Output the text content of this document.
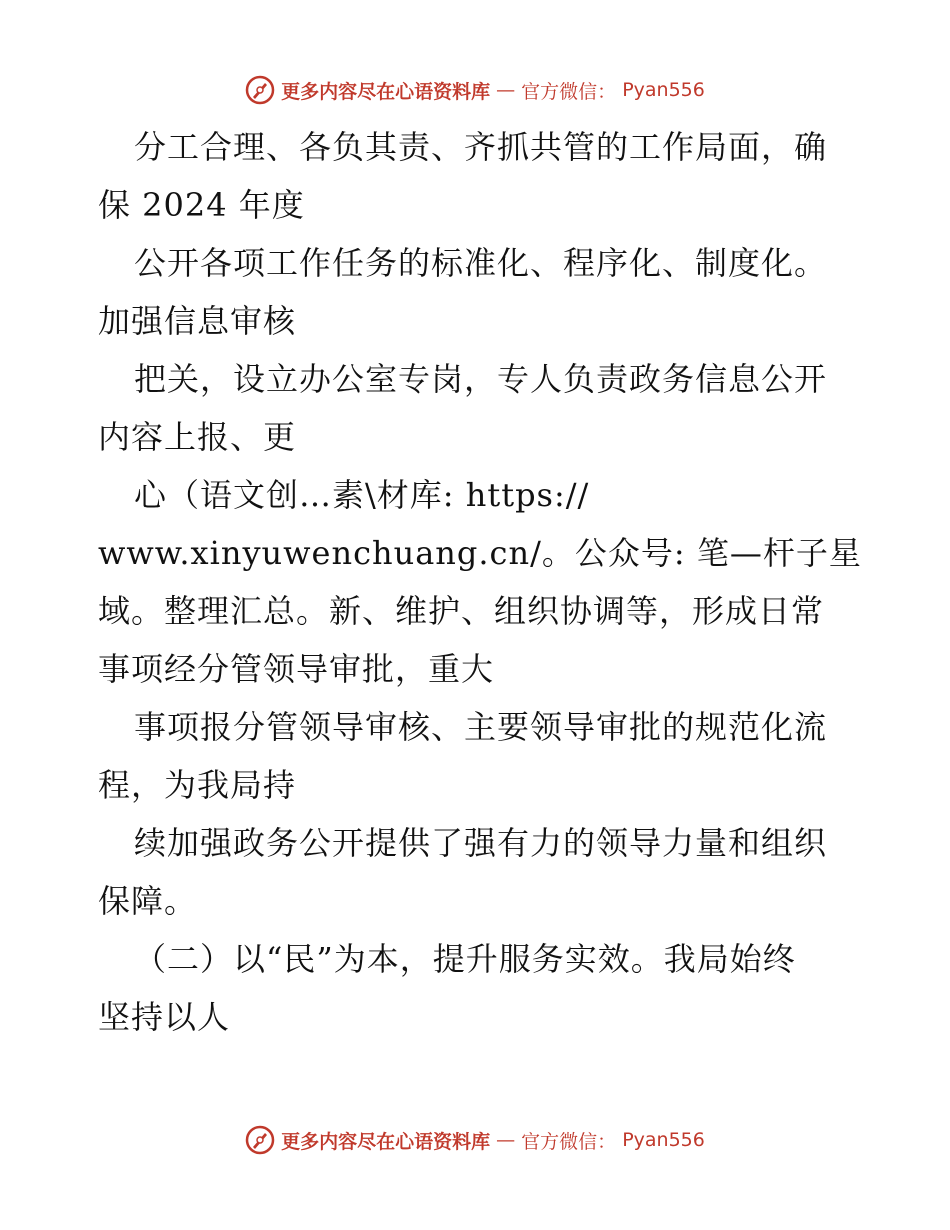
更多内容尽在心语资料库 — 官方微信： Pyan556

分工合理、各负其责、齐抓共管的工作局面，确

保 2024 年度

公开各项工作任务的标准化、程序化、制度化。

加强信息审核

把关，设立办公室专岗，专人负责政务信息公开

内容上报、更

心（语文创…素\材库: https://

www.xinyuwenchuang.cn/。公众号: 笔—杆子星

域。整理汇总。新、维护、组织协调等，形成日常

事项经分管领导审批，重大

事项报分管领导审核、主要领导审批的规范化流

程，为我局持

续加强政务公开提供了强有力的领导力量和组织

保障。

（二）以“民”为本，提升服务实效。我局始终

坚持以人

更多内容尽在心语资料库 — 官方微信： Pyan556
